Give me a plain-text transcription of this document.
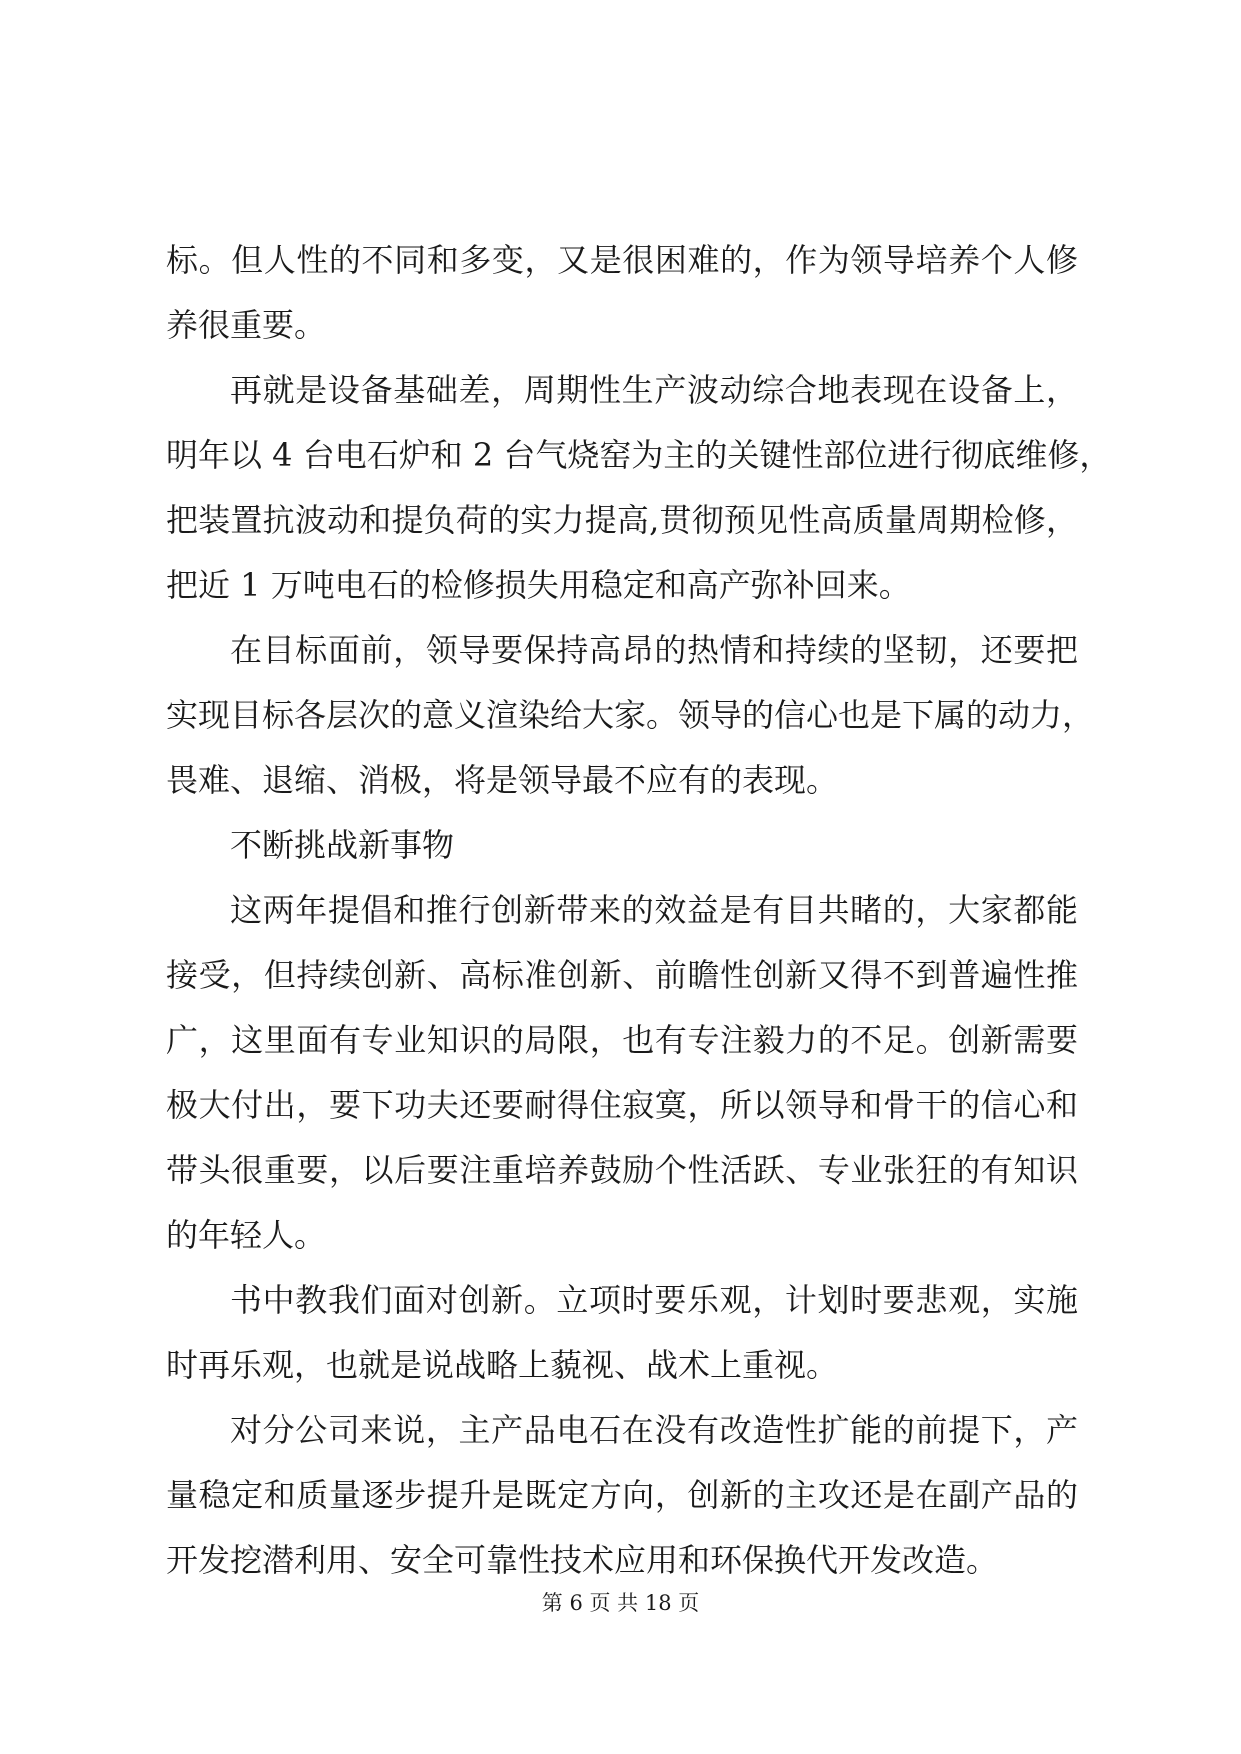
标。但人性的不同和多变，又是很困难的，作为领导培养个人修
养很重要。
再就是设备基础差，周期性生产波动综合地表现在设备上，
明年以 4 台电石炉和 2 台气烧窑为主的关键性部位进行彻底维修，
把装置抗波动和提负荷的实力提高,贯彻预见性高质量周期检修，
把近 1 万吨电石的检修损失用稳定和高产弥补回来。
在目标面前，领导要保持高昂的热情和持续的坚韧，还要把
实现目标各层次的意义渲染给大家。领导的信心也是下属的动力，
畏难、退缩、消极，将是领导最不应有的表现。
不断挑战新事物
这两年提倡和推行创新带来的效益是有目共睹的，大家都能
接受，但持续创新、高标准创新、前瞻性创新又得不到普遍性推
广，这里面有专业知识的局限，也有专注毅力的不足。创新需要
极大付出，要下功夫还要耐得住寂寞，所以领导和骨干的信心和
带头很重要，以后要注重培养鼓励个性活跃、专业张狂的有知识
的年轻人。
书中教我们面对创新。立项时要乐观，计划时要悲观，实施
时再乐观，也就是说战略上藐视、战术上重视。
对分公司来说，主产品电石在没有改造性扩能的前提下，产
量稳定和质量逐步提升是既定方向，创新的主攻还是在副产品的
开发挖潜利用、安全可靠性技术应用和环保换代开发改造。
第 6 页 共 18 页
